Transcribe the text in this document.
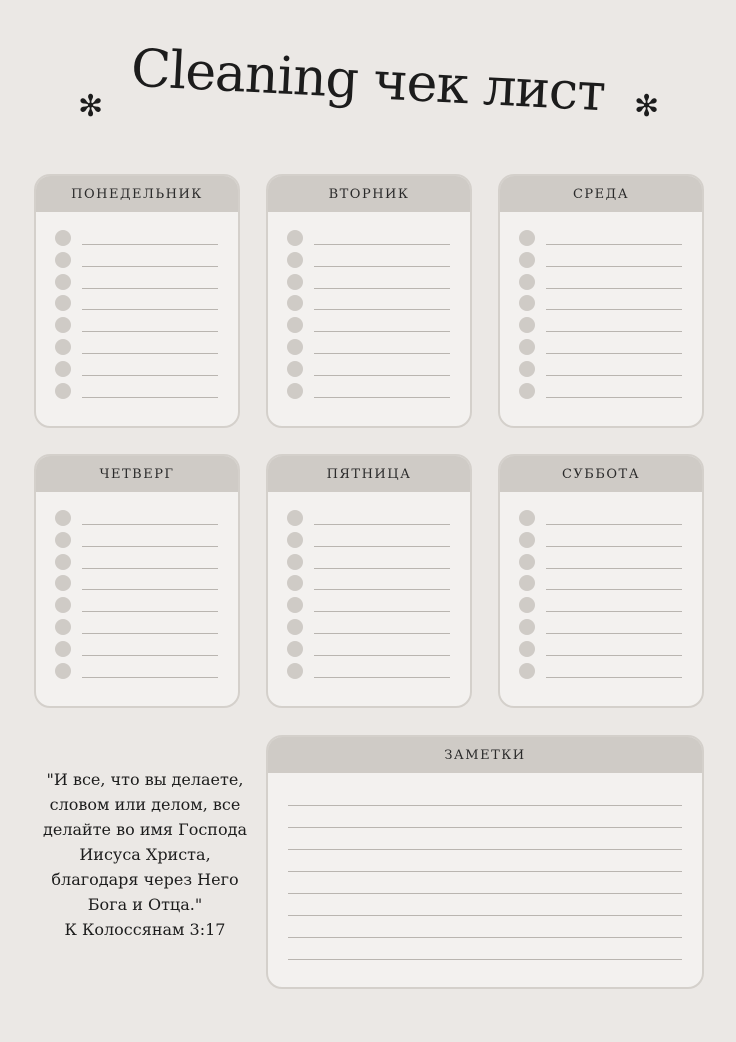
Cleaning чек лист
✻	✻
ПОНЕДЕЛЬНИК	ВТОРНИК	СРЕДА
ЧЕТВЕРГ	ПЯТНИЦА	СУББОТА

"И все, что вы делаете, словом или делом, все делайте во имя Господа Иисуса Христа, благодаря через Него Бога и Отца."
К Колоссянам 3:17

ЗАМЕТКИ
